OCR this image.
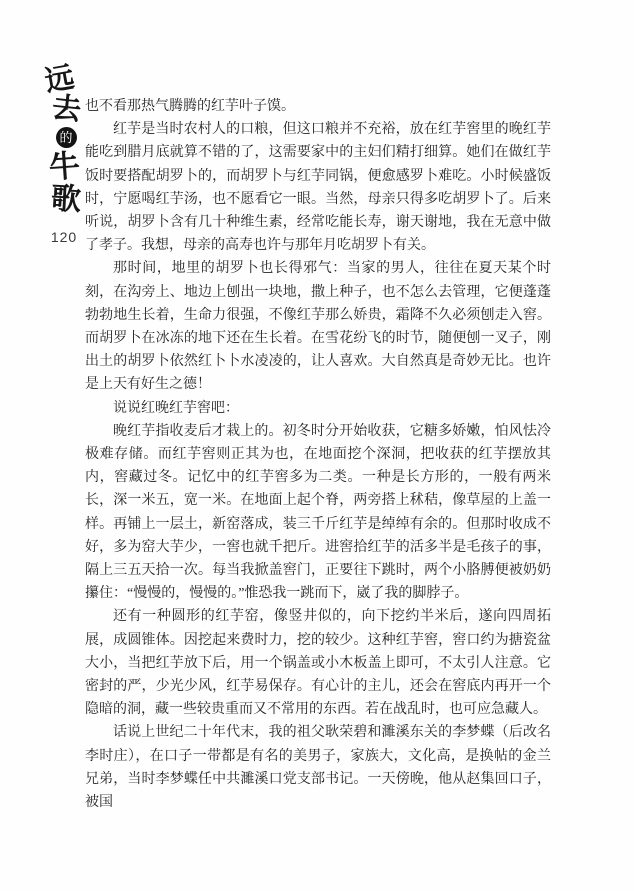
远
去
的
牛
歌
120

也不看那热气腾腾的红芋叶子馍。

红芋是当时农村人的口粮，但这口粮并不充裕，放在红芋窖里的晚红芋能吃到腊月底就算不错的了，这需要家中的主妇们精打细算。她们在做红芋饭时要搭配胡罗卜的，而胡罗卜与红芋同锅，便愈感罗卜难吃。小时候盛饭时，宁愿喝红芋汤，也不愿看它一眼。当然，母亲只得多吃胡罗卜了。后来听说，胡罗卜含有几十种维生素，经常吃能长寿，谢天谢地，我在无意中做了孝子。我想，母亲的高寿也许与那年月吃胡罗卜有关。

那时间，地里的胡罗卜也长得邪气：当家的男人，往往在夏天某个时刻，在沟旁上、地边上刨出一块地，撒上种子，也不怎么去管理，它便蓬蓬勃勃地生长着，生命力很强，不像红芋那么娇贵，霜降不久必须刨走入窖。而胡罗卜在冰冻的地下还在生长着。在雪花纷飞的时节，随便刨一叉子，刚出土的胡罗卜依然红卜卜水凌凌的，让人喜欢。大自然真是奇妙无比。也许是上天有好生之德！

说说红晚红芋窖吧：

晚红芋指收麦后才栽上的。初冬时分开始收获，它糖多娇嫩，怕风怯冷极难存储。而红芋窖则正其为也，在地面挖个深洞，把收获的红芋摆放其内，窖藏过冬。记忆中的红芋窖多为二类。一种是长方形的，一般有两米长，深一米五，宽一米。在地面上起个脊，两旁搭上秫秸，像草屋的上盖一样。再铺上一层土，新窑落成，装三千斤红芋是绰绰有余的。但那时收成不好，多为窑大芋少，一窖也就千把斤。进窖拾红芋的活多半是毛孩子的事，隔上三五天拾一次。每当我掀盖窖门，正要往下跳时，两个小胳膊便被奶奶攥住：“慢慢的，慢慢的。”惟恐我一跳而下，崴了我的脚脖子。

还有一种圆形的红芋窑，像竖井似的，向下挖约半米后，遂向四周拓展，成圆锥体。因挖起来费时力，挖的较少。这种红芋窖，窖口约为搪瓷盆大小，当把红芋放下后，用一个锅盖或小木板盖上即可，不太引人注意。它密封的严，少光少风，红芋易保存。有心计的主儿，还会在窖底内再开一个隐暗的洞，藏一些较贵重而又不常用的东西。若在战乱时，也可应急藏人。

话说上世纪二十年代末，我的祖父耿荣碧和濉溪东关的李梦蝶（后改名李时庄），在口子一带都是有名的美男子，家族大，文化高，是换帖的金兰兄弟，当时李梦蝶任中共濉溪口党支部书记。一天傍晚，他从赵集回口子，被国
